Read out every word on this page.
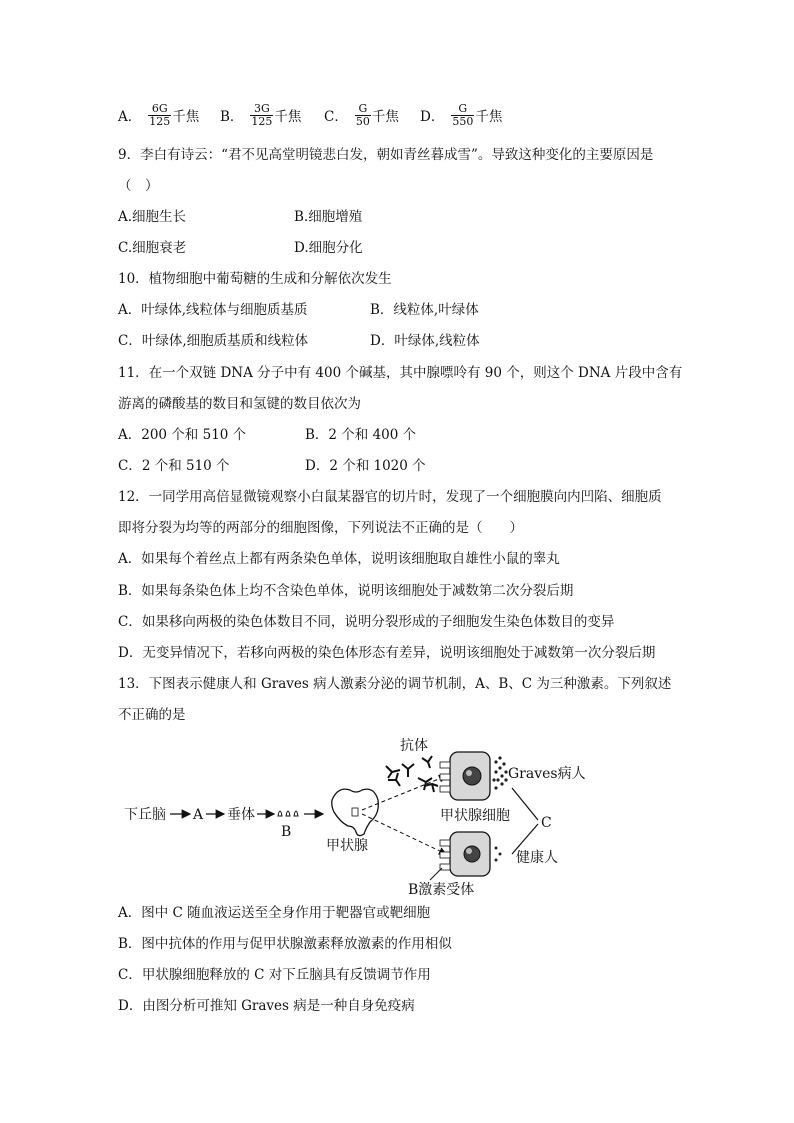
A． $\frac{6G}{125}$ 千焦 B． $\frac{3G}{125}$ 千焦 C． $\frac{G}{50}$ 千焦 D． $\frac{G}{550}$ 千焦
9．李白有诗云：“君不见高堂明镜悲白发，朝如青丝暮成雪”。导致这种变化的主要原因是
（　）
A.细胞生长	B.细胞增殖
C.细胞衰老	D.细胞分化
10．植物细胞中葡萄糖的生成和分解依次发生
A．叶绿体,线粒体与细胞质基质	B．线粒体,叶绿体
C．叶绿体,细胞质基质和线粒体	D．叶绿体,线粒体
11．在一个双链 DNA 分子中有 400 个碱基，其中腺嘌呤有 90 个，则这个 DNA 片段中含有
游离的磷酸基的数目和氢键的数目依次为
A．200 个和 510 个	B．2 个和 400 个
C．2 个和 510 个	D．2 个和 1020 个
12．一同学用高倍显微镜观察小白鼠某器官的切片时，发现了一个细胞膜向内凹陷、细胞质
即将分裂为均等的两部分的细胞图像，下列说法不正确的是（　　）
A．如果每个着丝点上都有两条染色单体，说明该细胞取自雄性小鼠的睾丸
B．如果每条染色体上均不含染色单体，说明该细胞处于减数第二次分裂后期
C．如果移向两极的染色体数目不同，说明分裂形成的子细胞发生染色体数目的变异
D．无变异情况下，若移向两极的染色体形态有差异，说明该细胞处于减数第一次分裂后期
13．下图表示健康人和 Graves 病人激素分泌的调节机制，A、B、C 为三种激素。下列叙述
不正确的是
下丘脑 A 垂体
B
甲状腺
抗体
Graves病人
甲状腺细胞 C
健康人
B激素受体
A．图中 C 随血液运送至全身作用于靶器官或靶细胞
B．图中抗体的作用与促甲状腺激素释放激素的作用相似
C．甲状腺细胞释放的 C 对下丘脑具有反馈调节作用
D．由图分析可推知 Graves 病是一种自身免疫病
